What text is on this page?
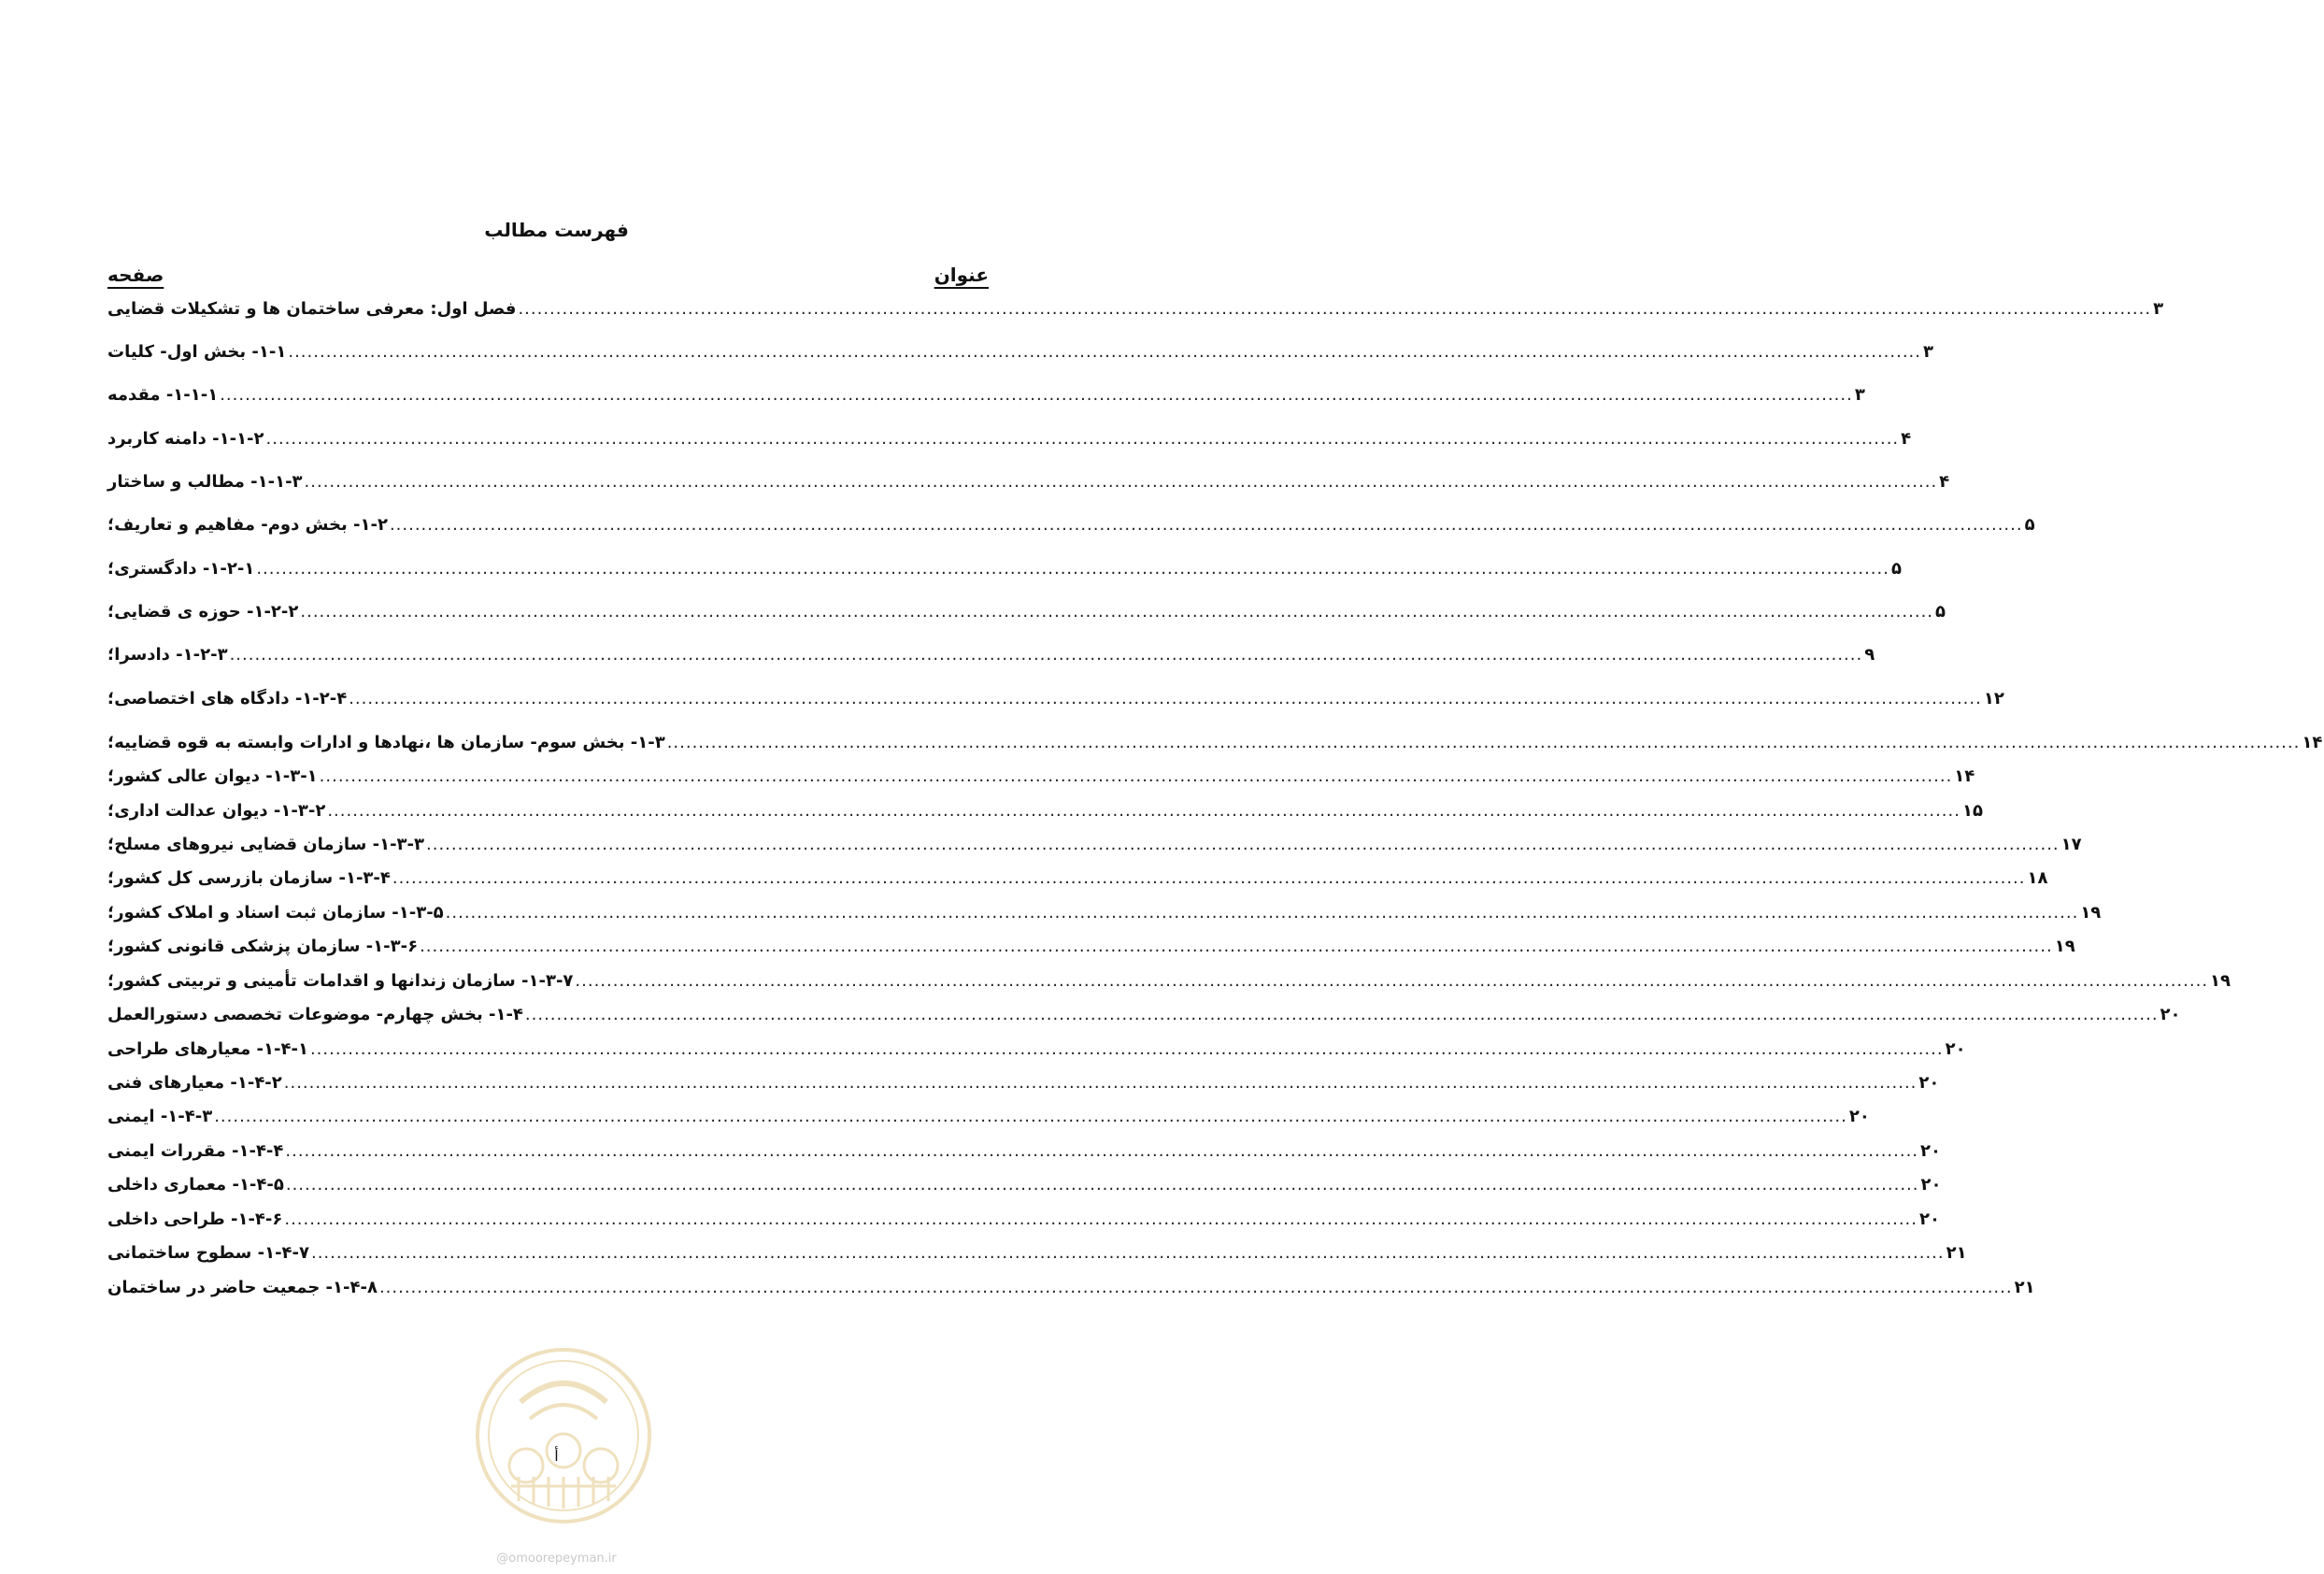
فهرست مطالب
عنوان
صفحه
فصل اول: معرفی ساختمان ها و تشکیلات قضایی .................................................................................................................................................................................................................................................................... ۳
۱-۱- بخش اول- کلیات .................................................................................................................................................................................................................................................................... ۳
۱-۱-۱- مقدمه .................................................................................................................................................................................................................................................................... ۳
۱-۱-۲- دامنه کاربرد .................................................................................................................................................................................................................................................................... ۴
۱-۱-۳- مطالب و ساختار .................................................................................................................................................................................................................................................................... ۴
۱-۲- بخش دوم- مفاهیم و تعاریف؛ .................................................................................................................................................................................................................................................................... ۵
۱-۲-۱- دادگستری؛ .................................................................................................................................................................................................................................................................... ۵
۱-۲-۲- حوزه ی قضایی؛ .................................................................................................................................................................................................................................................................... ۵
۱-۲-۳- دادسرا؛ .................................................................................................................................................................................................................................................................... ۹
۱-۲-۴- دادگاه های اختصاصی؛ .................................................................................................................................................................................................................................................................... ۱۲
۱-۳- بخش سوم- سازمان ها ،نهادها و ادارات وابسته به قوه قضاییه؛ .................................................................................................................................................................................................................................................................... ۱۴
۱-۳-۱- دیوان عالی کشور؛ .................................................................................................................................................................................................................................................................... ۱۴
۱-۳-۲- دیوان عدالت اداری؛ .................................................................................................................................................................................................................................................................... ۱۵
۱-۳-۳- سازمان قضایی نیروهای مسلح؛ .................................................................................................................................................................................................................................................................... ۱۷
۱-۳-۴- سازمان بازرسی کل کشور؛ .................................................................................................................................................................................................................................................................... ۱۸
۱-۳-۵- سازمان ثبت اسناد و املاک کشور؛ .................................................................................................................................................................................................................................................................... ۱۹
۱-۳-۶- سازمان پزشکی قانونی کشور؛ .................................................................................................................................................................................................................................................................... ۱۹
۱-۳-۷- سازمان زندانها و اقدامات تأمینی و تربیتی کشور؛ .................................................................................................................................................................................................................................................................... ۱۹
۱-۴- بخش چهارم- موضوعات تخصصی دستورالعمل .................................................................................................................................................................................................................................................................... ۲۰
۱-۴-۱- معیارهای طراحی .................................................................................................................................................................................................................................................................... ۲۰
۱-۴-۲- معیارهای فنی .................................................................................................................................................................................................................................................................... ۲۰
۱-۴-۳- ایمنی .................................................................................................................................................................................................................................................................... ۲۰
۱-۴-۴- مقررات ایمنی .................................................................................................................................................................................................................................................................... ۲۰
۱-۴-۵- معماری داخلی .................................................................................................................................................................................................................................................................... ۲۰
۱-۴-۶- طراحی داخلی .................................................................................................................................................................................................................................................................... ۲۰
۱-۴-۷- سطوح ساختمانی .................................................................................................................................................................................................................................................................... ۲۱
۱-۴-۸- جمعیت حاضر در ساختمان .................................................................................................................................................................................................................................................................... ۲۱
أ
@omoorepeyman.ir
